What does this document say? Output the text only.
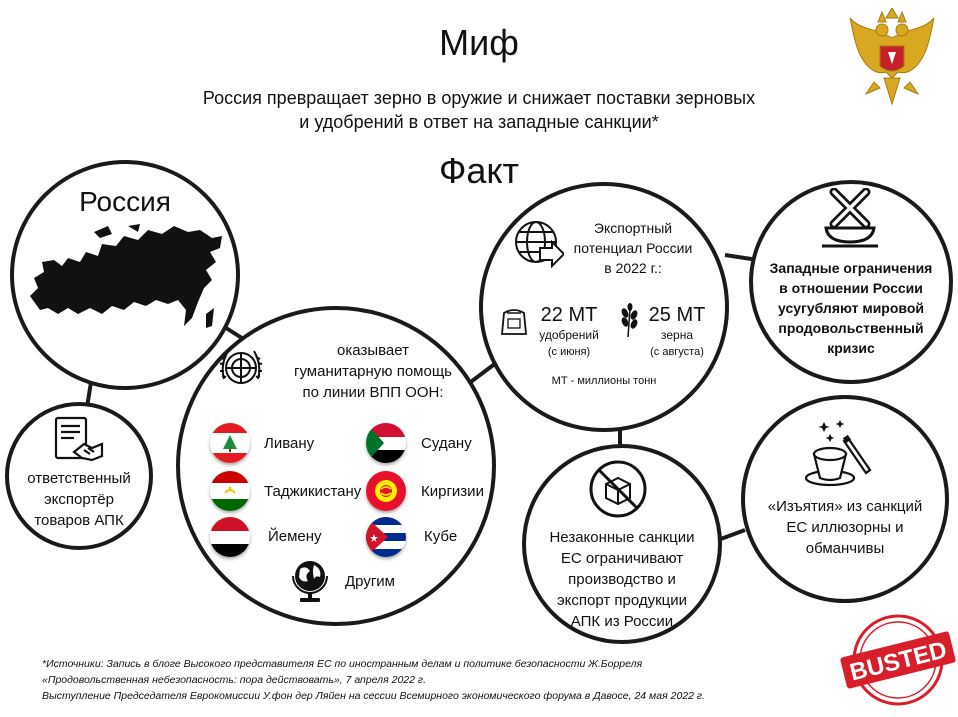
Миф
Россия превращает зерно в оружие и снижает поставки зерновых
и удобрений в ответ на западные санкции*
Факт
Россия
ответственный
экспортёр
товаров АПК
оказывает
гуманитарную помощь
по линии ВПП ООН:
Ливану	Судану
Таджикистану	Киргизии
Йемену	Кубе
Другим
Экспортный
потенциал России
в 2022 г.:
22 МТ
удобрений
(с июня)
25 МТ
зерна
(с августа)
МТ - миллионы тонн
Западные ограничения
в отношении России
усугубляют мировой
продовольственный
кризис
Незаконные санкции
ЕС ограничивают
производство и
экспорт продукции
АПК из России
«Изъятия» из санкций
ЕС иллюзорны и
обманчивы
*Источники: Запись в блоге Высокого представителя ЕС по иностранным делам и политике безопасности Ж.Борреля
«Продовольственная небезопасность: пора действовать», 7 апреля 2022 г.
Выступление Председателя Еврокомиссии У.фон дер Ляйен на сессии Всемирного экономического форума в Давосе, 24 мая 2022 г.
BUSTED
